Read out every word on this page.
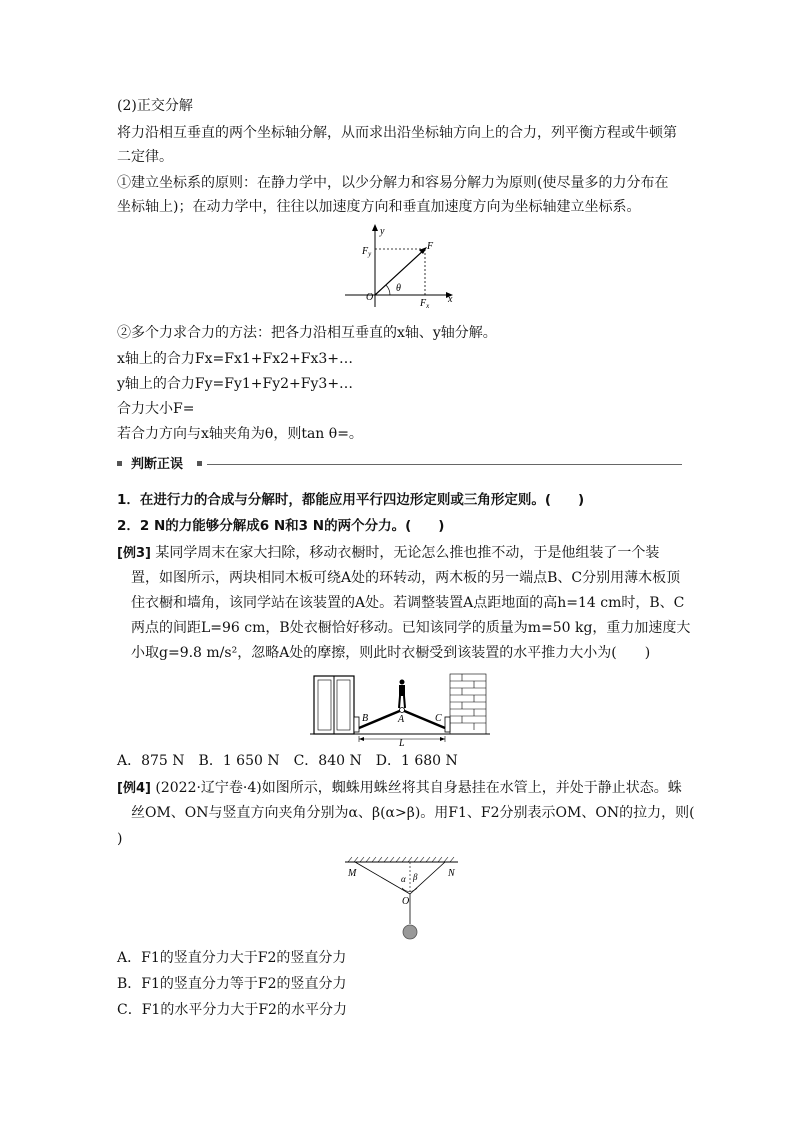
(2)正交分解
将力沿相互垂直的两个坐标轴分解，从而求出沿坐标轴方向上的合力，列平衡方程或牛顿第
二定律。
①建立坐标系的原则：在静力学中，以少分解力和容易分解力为原则(使尽量多的力分布在
坐标轴上)；在动力学中，往往以加速度方向和垂直加速度方向为坐标轴建立坐标系。
y
x
O
F
$F_y$
$F_x$
θ
②多个力求合力的方法：把各力沿相互垂直的x轴、y轴分解。
x轴上的合力Fx=Fx1+Fx2+Fx3+…
y轴上的合力Fy=Fy1+Fy2+Fy3+…
合力大小F=
若合力方向与x轴夹角为θ，则tan θ=。
判断正误
1．在进行力的合成与分解时，都能应用平行四边形定则或三角形定则。(　　)
2．2 N的力能够分解成6 N和3 N的两个分力。(　　)
[例3] 某同学周末在家大扫除，移动衣橱时，无论怎么推也推不动，于是他组装了一个装
置，如图所示，两块相同木板可绕A处的环转动，两木板的另一端点B、C分别用薄木板顶
住衣橱和墙角，该同学站在该装置的A处。若调整装置A点距地面的高h=14 cm时，B、C
两点的间距L=96 cm，B处衣橱恰好移动。已知该同学的质量为m=50 kg，重力加速度大
小取g=9.8 m/s²，忽略A处的摩擦，则此时衣橱受到该装置的水平推力大小为(　　)
B	A	C
L
A．875 N　B．1 650 N　C．840 N　D．1 680 N
[例4] (2022·辽宁卷·4)如图所示，蜘蛛用蛛丝将其自身悬挂在水管上，并处于静止状态。蛛
丝OM、ON与竖直方向夹角分别为α、β(α>β)。用F1、F2分别表示OM、ON的拉力，则(
)
M	N
O
α β
A．F1的竖直分力大于F2的竖直分力
B．F1的竖直分力等于F2的竖直分力
C．F1的水平分力大于F2的水平分力
